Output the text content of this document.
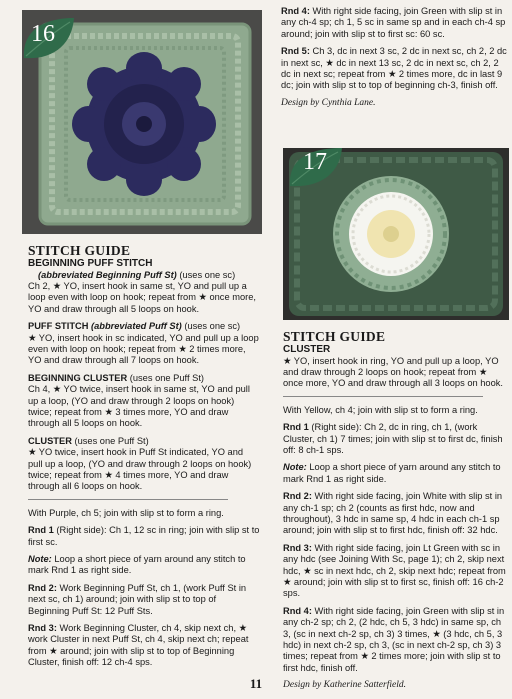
16
17
STITCH GUIDE
BEGINNING PUFF STITCH
(abbreviated Beginning Puff St) (uses one sc)

Ch 2, ★ YO, insert hook in same st, YO and pull up a loop even with loop on hook; repeat from ★ once more, YO and draw through all 5 loops on hook.

PUFF STITCH (abbreviated Puff St) (uses one sc)

★ YO, insert hook in sc indicated, YO and pull up a loop even with loop on hook; repeat from ★ 2 times more, YO and draw through all 7 loops on hook.

BEGINNING CLUSTER (uses one Puff St)

Ch 4, ★ YO twice, insert hook in same st, YO and pull up a loop, (YO and draw through 2 loops on hook) twice; repeat from ★ 3 times more, YO and draw through all 5 loops on hook.

CLUSTER (uses one Puff St)

★ YO twice, insert hook in Puff St indicated, YO and pull up a loop, (YO and draw through 2 loops on hook) twice; repeat from ★ 4 times more, YO and draw through all 6 loops on hook.

With Purple, ch 5; join with slip st to form a ring.

Rnd 1 (Right side): Ch 1, 12 sc in ring; join with slip st to first sc.

Note: Loop a short piece of yarn around any stitch to mark Rnd 1 as right side.

Rnd 2: Work Beginning Puff St, ch 1, (work Puff St in next sc, ch 1) around; join with slip st to top of Beginning Puff St: 12 Puff Sts.

Rnd 3: Work Beginning Cluster, ch 4, skip next ch, ★ work Cluster in next Puff St, ch 4, skip next ch; repeat from ★ around; join with slip st to top of Beginning Cluster, finish off: 12 ch-4 sps.

Rnd 4: With right side facing, join Green with slip st in any ch-4 sp; ch 1, 5 sc in same sp and in each ch-4 sp around; join with slip st to first sc: 60 sc.

Rnd 5: Ch 3, dc in next 3 sc, 2 dc in next sc, ch 2, 2 dc in next sc, ★ dc in next 13 sc, 2 dc in next sc, ch 2, 2 dc in next sc; repeat from ★ 2 times more, dc in last 9 dc; join with slip st to top of beginning ch-3, finish off.

Design by Cynthia Lane.

STITCH GUIDE
CLUSTER

★ YO, insert hook in ring, YO and pull up a loop, YO and draw through 2 loops on hook; repeat from ★ once more, YO and draw through all 3 loops on hook.

With Yellow, ch 4; join with slip st to form a ring.

Rnd 1 (Right side): Ch 2, dc in ring, ch 1, (work Cluster, ch 1) 7 times; join with slip st to first dc, finish off: 8 ch-1 sps.

Note: Loop a short piece of yarn around any stitch to mark Rnd 1 as right side.

Rnd 2: With right side facing, join White with slip st in any ch-1 sp; ch 2 (counts as first hdc, now and throughout), 3 hdc in same sp, 4 hdc in each ch-1 sp around; join with slip st to first hdc, finish off: 32 hdc.

Rnd 3: With right side facing, join Lt Green with sc in any hdc (see Joining With Sc, page 1); ch 2, skip next hdc, ★ sc in next hdc, ch 2, skip next hdc; repeat from ★ around; join with slip st to first sc, finish off: 16 ch-2 sps.

Rnd 4: With right side facing, join Green with slip st in any ch-2 sp; ch 2, (2 hdc, ch 5, 3 hdc) in same sp, ch 3, (sc in next ch-2 sp, ch 3) 3 times, ★ (3 hdc, ch 5, 3 hdc) in next ch-2 sp, ch 3, (sc in next ch-2 sp, ch 3) 3 times; repeat from ★ 2 times more; join with slip st to first hdc, finish off.

Design by Katherine Satterfield.

11
